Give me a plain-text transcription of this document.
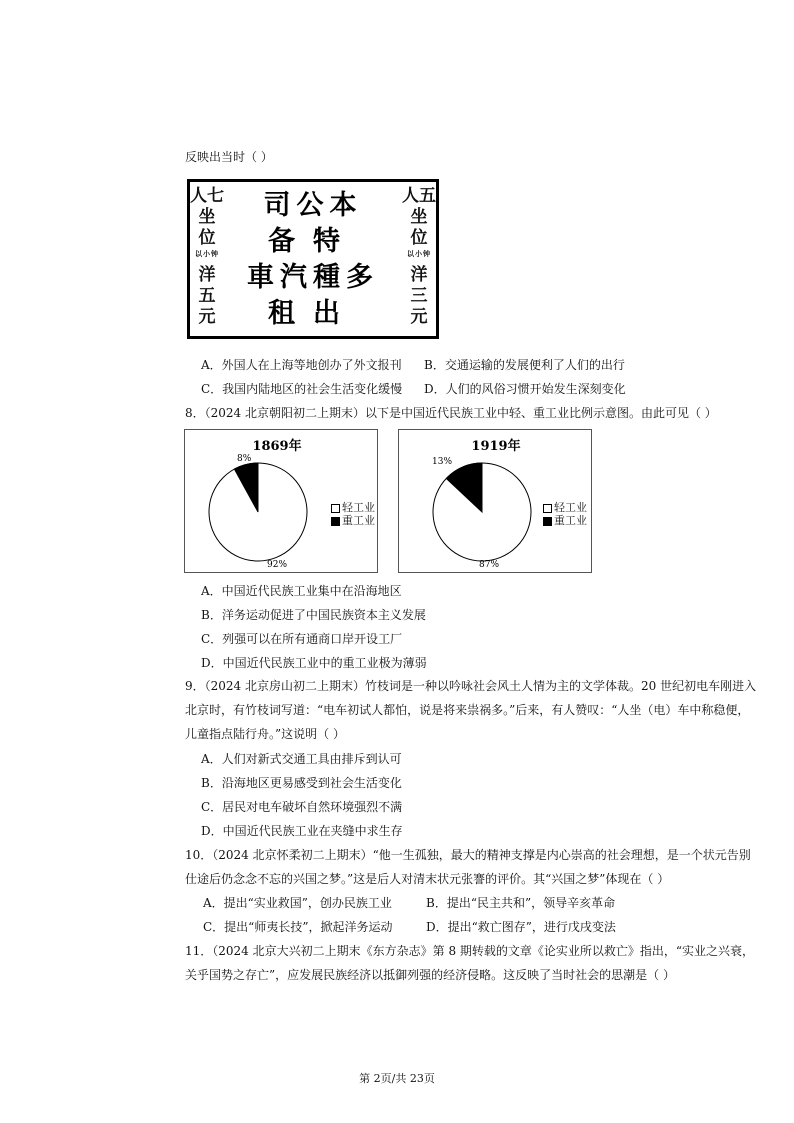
反映出当时（ ）
人 七
坐
位
以小钟
洋
五
元
司公本
备特
車汽種多
租出
人 五
坐
位
以小钟
洋
三
元
A．外国人在上海等地创办了外文报刊 B．交通运输的发展便利了人们的出行
C．我国内陆地区的社会生活变化缓慢 D．人们的风俗习惯开始发生深刻变化
8．（2024 北京朝阳初二上期末）以下是中国近代民族工业中轻、重工业比例示意图。由此可见（ ）
1869年
8%
92%
轻工业
重工业
1919年
13%
87%
轻工业
重工业
A．中国近代民族工业集中在沿海地区
B．洋务运动促进了中国民族资本主义发展
C．列强可以在所有通商口岸开设工厂
D．中国近代民族工业中的重工业极为薄弱
9．（2024 北京房山初二上期末）竹枝词是一种以吟咏社会风土人情为主的文学体裁。20 世纪初电车刚进入
北京时，有竹枝词写道：“电车初试人都怕，说是将来祟祸多。”后来，有人赞叹：“人坐（电）车中称稳便，
儿童指点陆行舟。”这说明（ ）
A．人们对新式交通工具由排斥到认可
B．沿海地区更易感受到社会生活变化
C．居民对电车破坏自然环境强烈不满
D．中国近代民族工业在夹缝中求生存
10．（2024 北京怀柔初二上期末）“他一生孤独，最大的精神支撑是内心崇高的社会理想，是一个状元告别
仕途后仍念念不忘的兴国之梦。”这是后人对清末状元张謇的评价。其“兴国之梦”体现在（ ）
A．提出“实业救国”，创办民族工业	B．提出“民主共和”，领导辛亥革命
C．提出“师夷长技”，掀起洋务运动	D．提出“救亡图存”，进行戊戌变法
11．（2024 北京大兴初二上期末《东方杂志》第 8 期转载的文章《论实业所以救亡》指出，“实业之兴衰，
关乎国势之存亡”，应发展民族经济以抵御列强的经济侵略。这反映了当时社会的思潮是（ ）
第 2页/共 23页
